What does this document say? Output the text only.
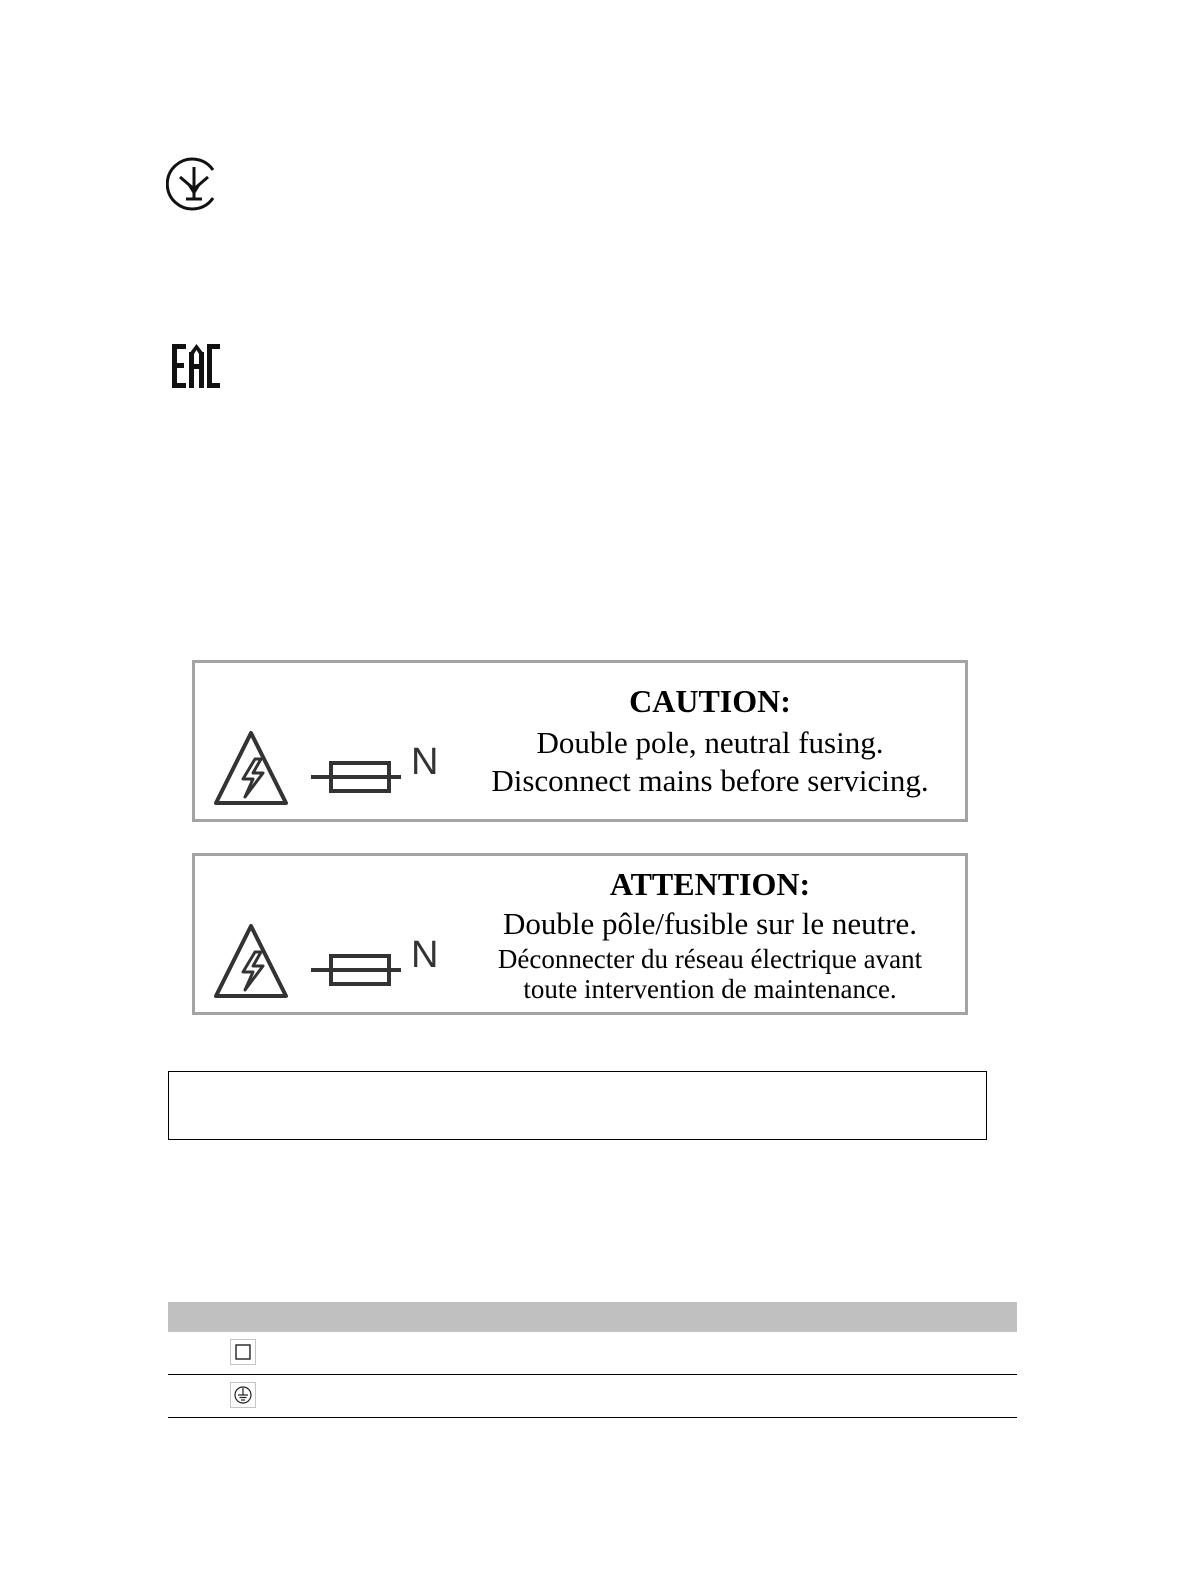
N
CAUTION:
Double pole, neutral fusing.
Disconnect mains before servicing.
N
ATTENTION:
Double pôle/fusible sur le neutre.
Déconnecter du réseau électrique avant
toute intervention de maintenance.
